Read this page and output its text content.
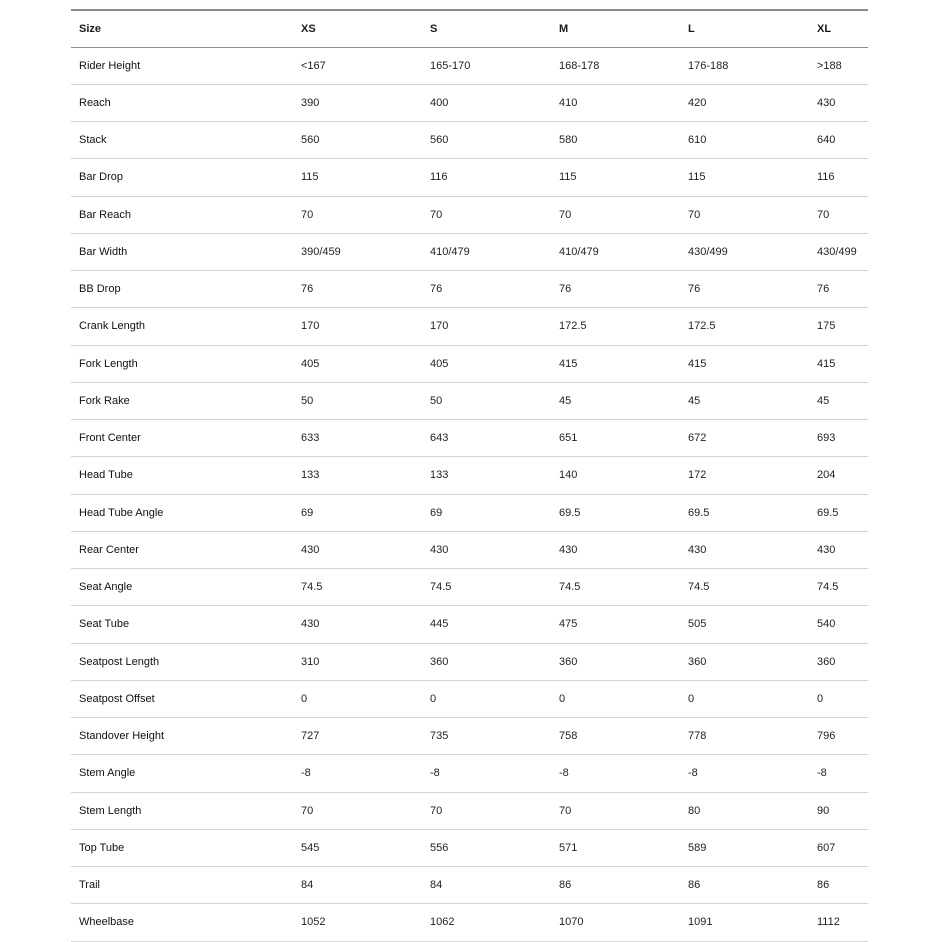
Size	XS	S	M	L	XL
Rider Height	<167	165-170	168-178	176-188	>188
Reach	390	400	410	420	430
Stack	560	560	580	610	640
Bar Drop	115	116	115	115	116
Bar Reach	70	70	70	70	70
Bar Width	390/459	410/479	410/479	430/499	430/499
BB Drop	76	76	76	76	76
Crank Length	170	170	172.5	172.5	175
Fork Length	405	405	415	415	415
Fork Rake	50	50	45	45	45
Front Center	633	643	651	672	693
Head Tube	133	133	140	172	204
Head Tube Angle	69	69	69.5	69.5	69.5
Rear Center	430	430	430	430	430
Seat Angle	74.5	74.5	74.5	74.5	74.5
Seat Tube	430	445	475	505	540
Seatpost Length	310	360	360	360	360
Seatpost Offset	0	0	0	0	0
Standover Height	727	735	758	778	796
Stem Angle	-8	-8	-8	-8	-8
Stem Length	70	70	70	80	90
Top Tube	545	556	571	589	607
Trail	84	84	86	86	86
Wheelbase	1052	1062	1070	1091	1112
